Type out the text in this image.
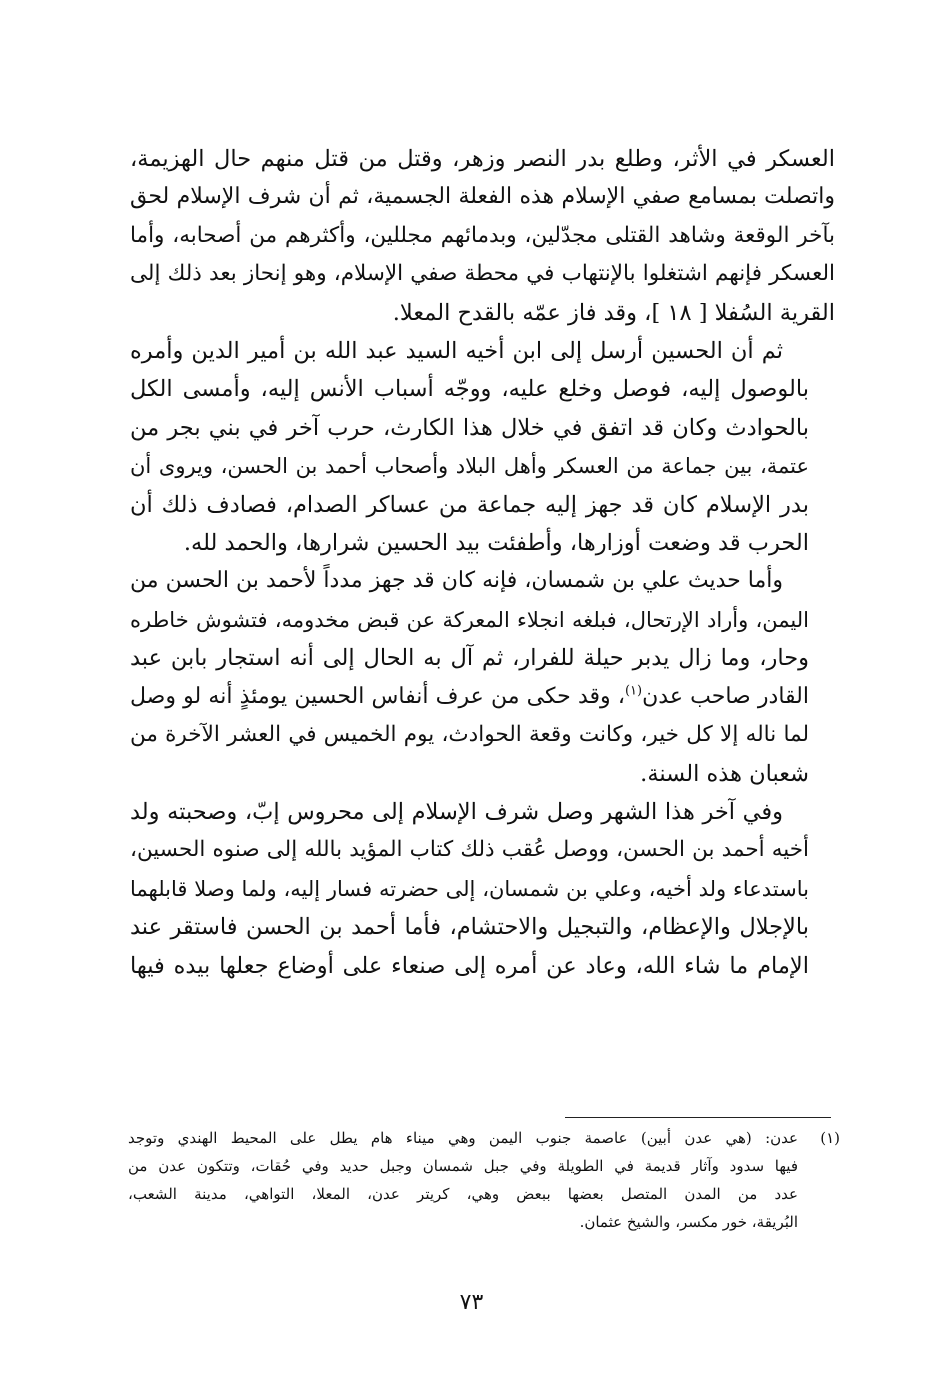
العسكر في الأثر، وطلع بدر النصر وزهر، وقتل من قتل منهم حال الهزيمة،
واتصلت بمسامع صفي الإسلام هذه الفعلة الجسمية، ثم أن شرف الإسلام لحق
بآخر الوقعة وشاهد القتلى مجدّلين، وبدمائهم مجللين، وأكثرهم من أصحابه، وأما
العسكر فإنهم اشتغلوا بالإنتهاب في محطة صفي الإسلام، وهو إنحاز بعد ذلك إلى
القرية السُفلا [ ١٨ ]، وقد فاز عمّه بالقدح المعلا.

ثم أن الحسين أرسل إلى ابن أخيه السيد عبد الله بن أمير الدين وأمره
بالوصول إليه، فوصل وخلع عليه، ووجّه أسباب الأنس إليه، وأمسى الكل
بالحوادث وكان قد اتفق في خلال هذا الكارث، حرب آخر في بني بجر من
عتمة، بين جماعة من العسكر وأهل البلاد وأصحاب أحمد بن الحسن، ويروى أن
بدر الإسلام كان قد جهز إليه جماعة من عساكر الصدام، فصادف ذلك أن
الحرب قد وضعت أوزارها، وأطفئت بيد الحسين شرارها، والحمد لله.

وأما حديث علي بن شمسان، فإنه كان قد جهز مدداً لأحمد بن الحسن من
اليمن، وأراد الإرتحال، فبلغه انجلاء المعركة عن قبض مخدومه، فتشوش خاطره
وحار، وما زال يدبر حيلة للفرار، ثم آل به الحال إلى أنه استجار بابن عبد
القادر صاحب عدن$^{(١)}$، وقد حكى من عرف أنفاس الحسين يومئذٍ أنه لو وصل
لما ناله إلا كل خير، وكانت وقعة الحوادث، يوم الخميس في العشر الآخرة من
شعبان هذه السنة.

وفي آخر هذا الشهر وصل شرف الإسلام إلى محروس إبّ، وصحبته ولد
أخيه أحمد بن الحسن، ووصل عُقب ذلك كتاب المؤيد بالله إلى صنوه الحسين،
باستدعاء ولد أخيه، وعلي بن شمسان، إلى حضرته فسار إليه، ولما وصلا قابلهما
بالإجلال والإعظام، والتبجيل والاحتشام، فأما أحمد بن الحسن فاستقر عند
الإمام ما شاء الله، وعاد عن أمره إلى صنعاء على أوضاع جعلها بيده فيها

(١)
عدن: (هي عدن أبين) عاصمة جنوب اليمن وهي ميناء هام يطل على المحيط الهندي وتوجد
فيها سدود وآثار قديمة في الطويلة وفي جبل شمسان وجبل حديد وفي حُقات، وتتكون عدن من
عدد من المدن المتصل بعضها ببعض وهي، كريتر عدن، المعلا، التواهي، مدينة الشعب،
البُريقة، خور مكسر، والشيخ عثمان.
٧٣
